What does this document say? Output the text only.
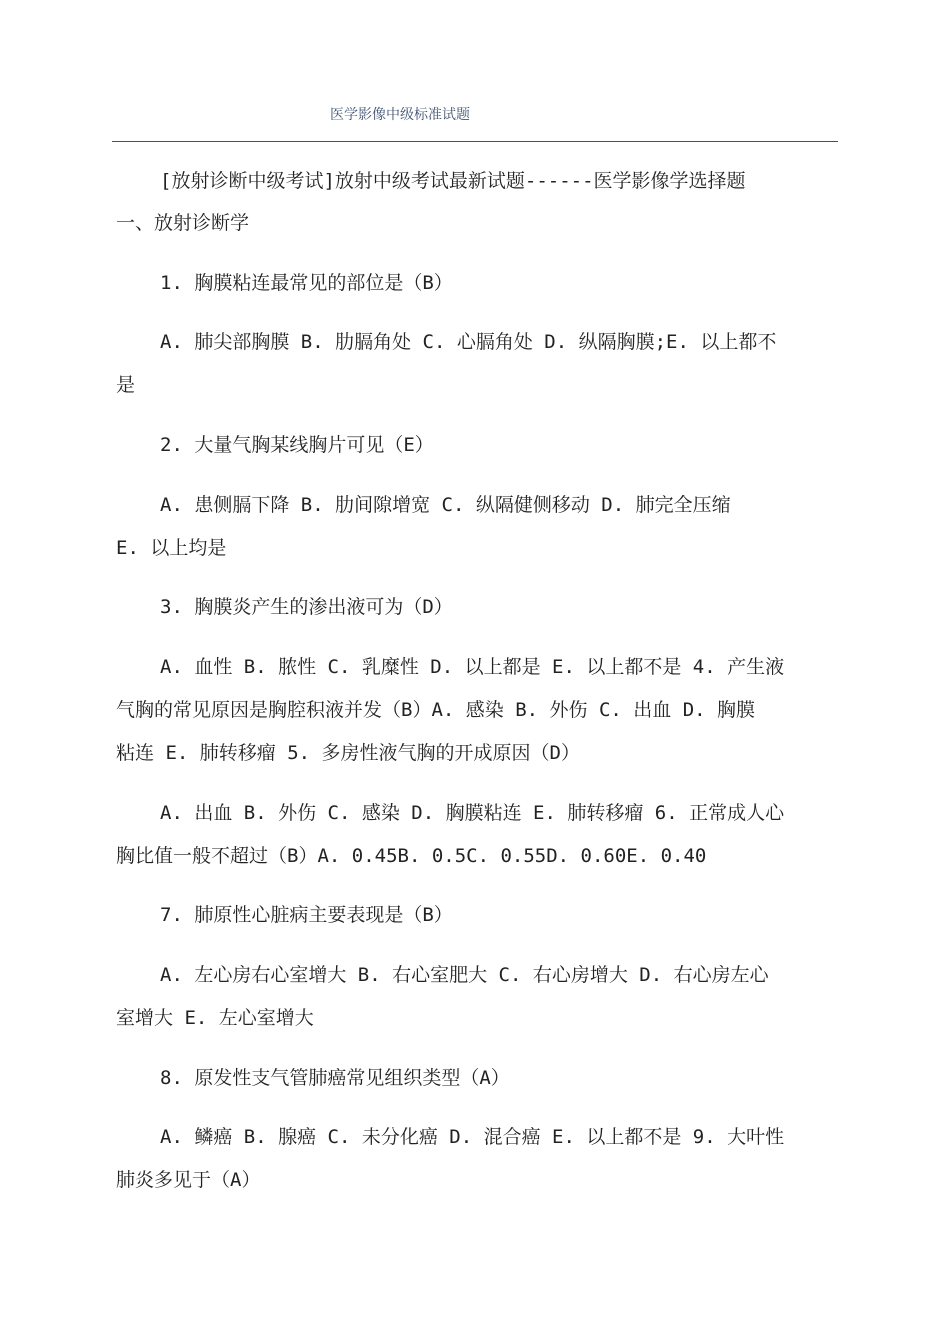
医学影像中级标准试题
[放射诊断中级考试]放射中级考试最新试题------医学影像学选择题
一、放射诊断学
1. 胸膜粘连最常见的部位是（B）
A. 肺尖部胸膜 B. 肋膈角处 C. 心膈角处 D. 纵隔胸膜;E. 以上都不
是
2. 大量气胸某线胸片可见（E）
A. 患侧膈下降 B. 肋间隙增宽 C. 纵隔健侧移动 D. 肺完全压缩
E. 以上均是
3. 胸膜炎产生的渗出液可为（D）
A. 血性 B. 脓性 C. 乳糜性 D. 以上都是 E. 以上都不是 4. 产生液
气胸的常见原因是胸腔积液并发（B）A. 感染 B. 外伤 C. 出血 D. 胸膜
粘连 E. 肺转移瘤 5. 多房性液气胸的开成原因（D）
A. 出血 B. 外伤 C. 感染 D. 胸膜粘连 E. 肺转移瘤 6. 正常成人心
胸比值一般不超过（B）A. 0.45B. 0.5C. 0.55D. 0.60E. 0.40
7. 肺原性心脏病主要表现是（B）
A. 左心房右心室增大 B. 右心室肥大 C. 右心房增大 D. 右心房左心
室增大 E. 左心室增大
8. 原发性支气管肺癌常见组织类型（A）
A. 鳞癌 B. 腺癌 C. 未分化癌 D. 混合癌 E. 以上都不是 9. 大叶性
肺炎多见于（A）
